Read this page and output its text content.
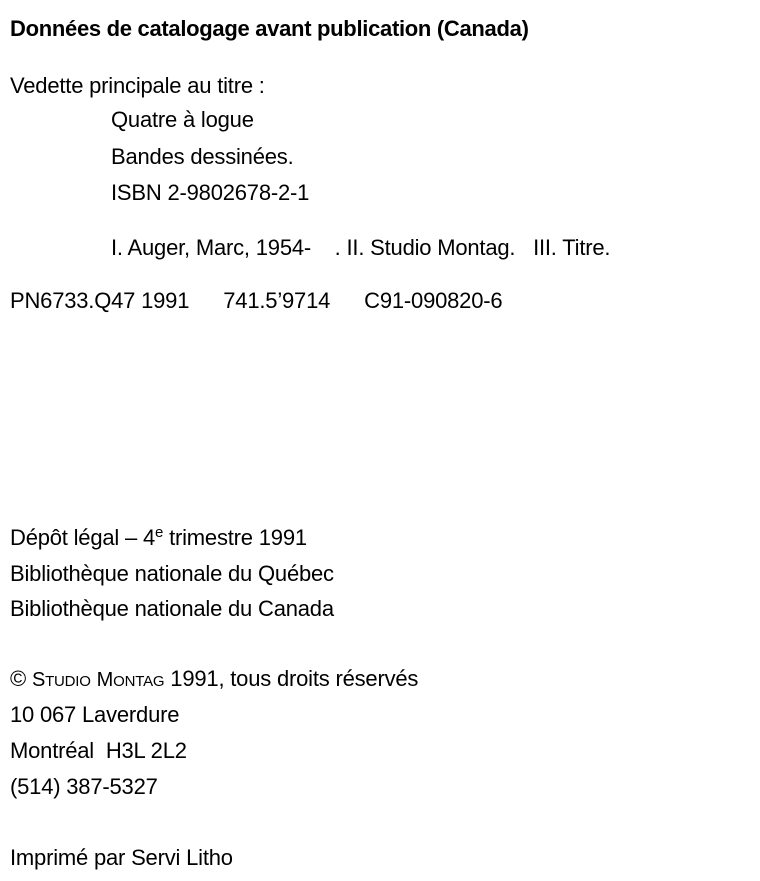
Données de catalogage avant publication (Canada)
Vedette principale au titre :
Quatre à logue
Bandes dessinées.
ISBN 2-9802678-2-1
I. Auger, Marc, 1954-    . II. Studio Montag.   III. Titre.
PN6733.Q47 1991 741.5’9714 C91-090820-6
Dépôt légal – 4e trimestre 1991
Bibliothèque nationale du Québec
Bibliothèque nationale du Canada
© STUDIO MONTAG 1991, tous droits réservés
10 067 Laverdure
Montréal  H3L 2L2
(514) 387-5327
Imprimé par Servi Litho
